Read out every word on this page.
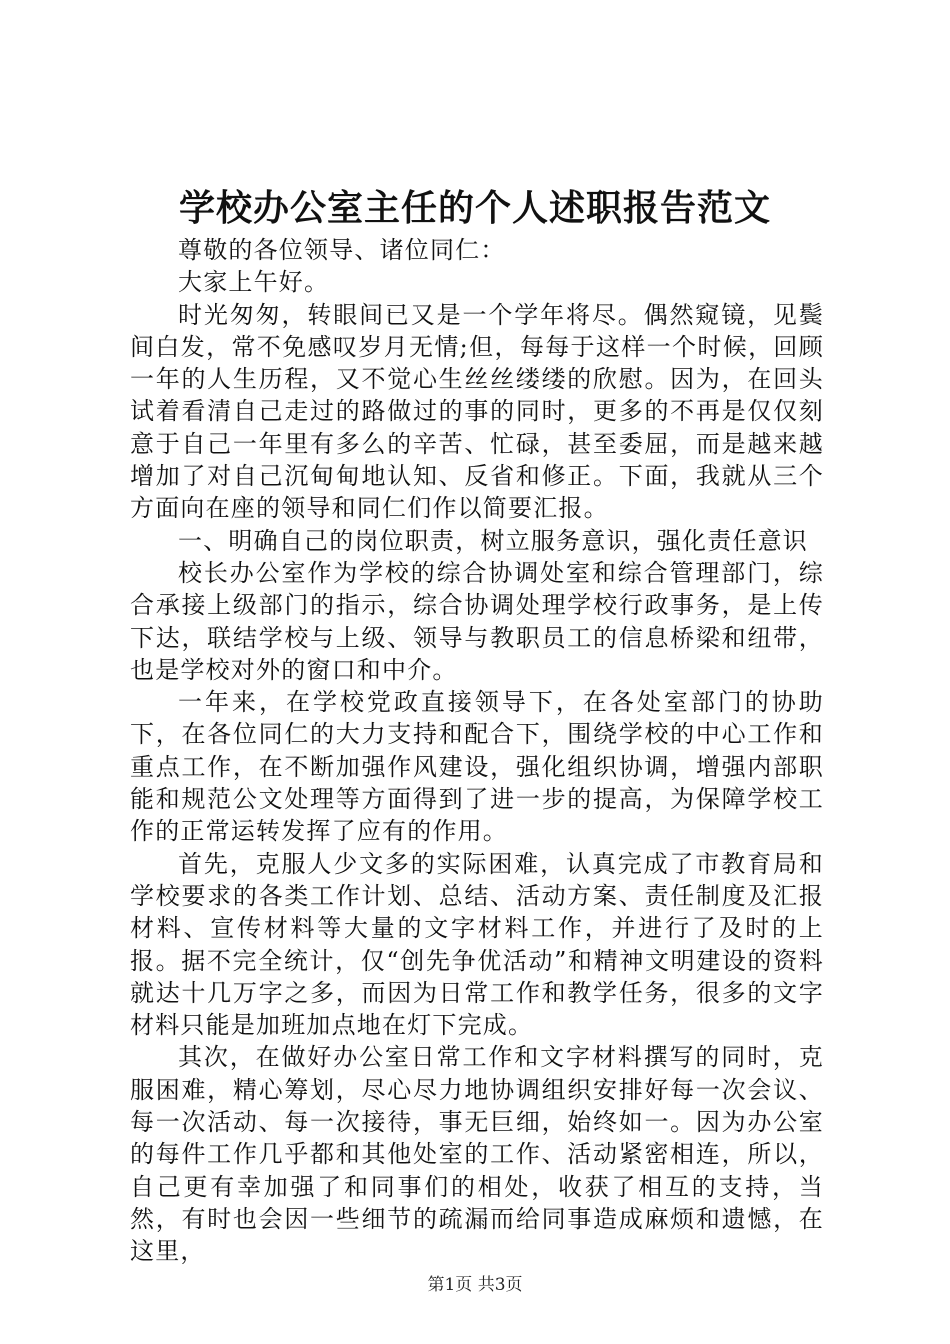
学校办公室主任的个人述职报告范文

尊敬的各位领导、诸位同仁：

大家上午好。

时光匆匆，转眼间已又是一个学年将尽。偶然窥镜，见鬓间白发，常不免感叹岁月无情;但，每每于这样一个时候，回顾一年的人生历程，又不觉心生丝丝缕缕的欣慰。因为，在回头试着看清自己走过的路做过的事的同时，更多的不再是仅仅刻意于自己一年里有多么的辛苦、忙碌，甚至委屈，而是越来越增加了对自己沉甸甸地认知、反省和修正。下面，我就从三个方面向在座的领导和同仁们作以简要汇报。

一、明确自己的岗位职责，树立服务意识，强化责任意识

校长办公室作为学校的综合协调处室和综合管理部门，综合承接上级部门的指示，综合协调处理学校行政事务，是上传下达，联结学校与上级、领导与教职员工的信息桥梁和纽带，也是学校对外的窗口和中介。

一年来，在学校党政直接领导下，在各处室部门的协助下，在各位同仁的大力支持和配合下，围绕学校的中心工作和重点工作，在不断加强作风建设，强化组织协调，增强内部职能和规范公文处理等方面得到了进一步的提高，为保障学校工作的正常运转发挥了应有的作用。

首先，克服人少文多的实际困难，认真完成了市教育局和学校要求的各类工作计划、总结、活动方案、责任制度及汇报材料、宣传材料等大量的文字材料工作，并进行了及时的上报。据不完全统计，仅“创先争优活动”和精神文明建设的资料就达十几万字之多，而因为日常工作和教学任务，很多的文字材料只能是加班加点地在灯下完成。

其次，在做好办公室日常工作和文字材料撰写的同时，克服困难，精心筹划，尽心尽力地协调组织安排好每一次会议、每一次活动、每一次接待，事无巨细，始终如一。因为办公室的每件工作几乎都和其他处室的工作、活动紧密相连，所以，自己更有幸加强了和同事们的相处，收获了相互的支持，当然，有时也会因一些细节的疏漏而给同事造成麻烦和遗憾，在这里，

第1页 共3页
